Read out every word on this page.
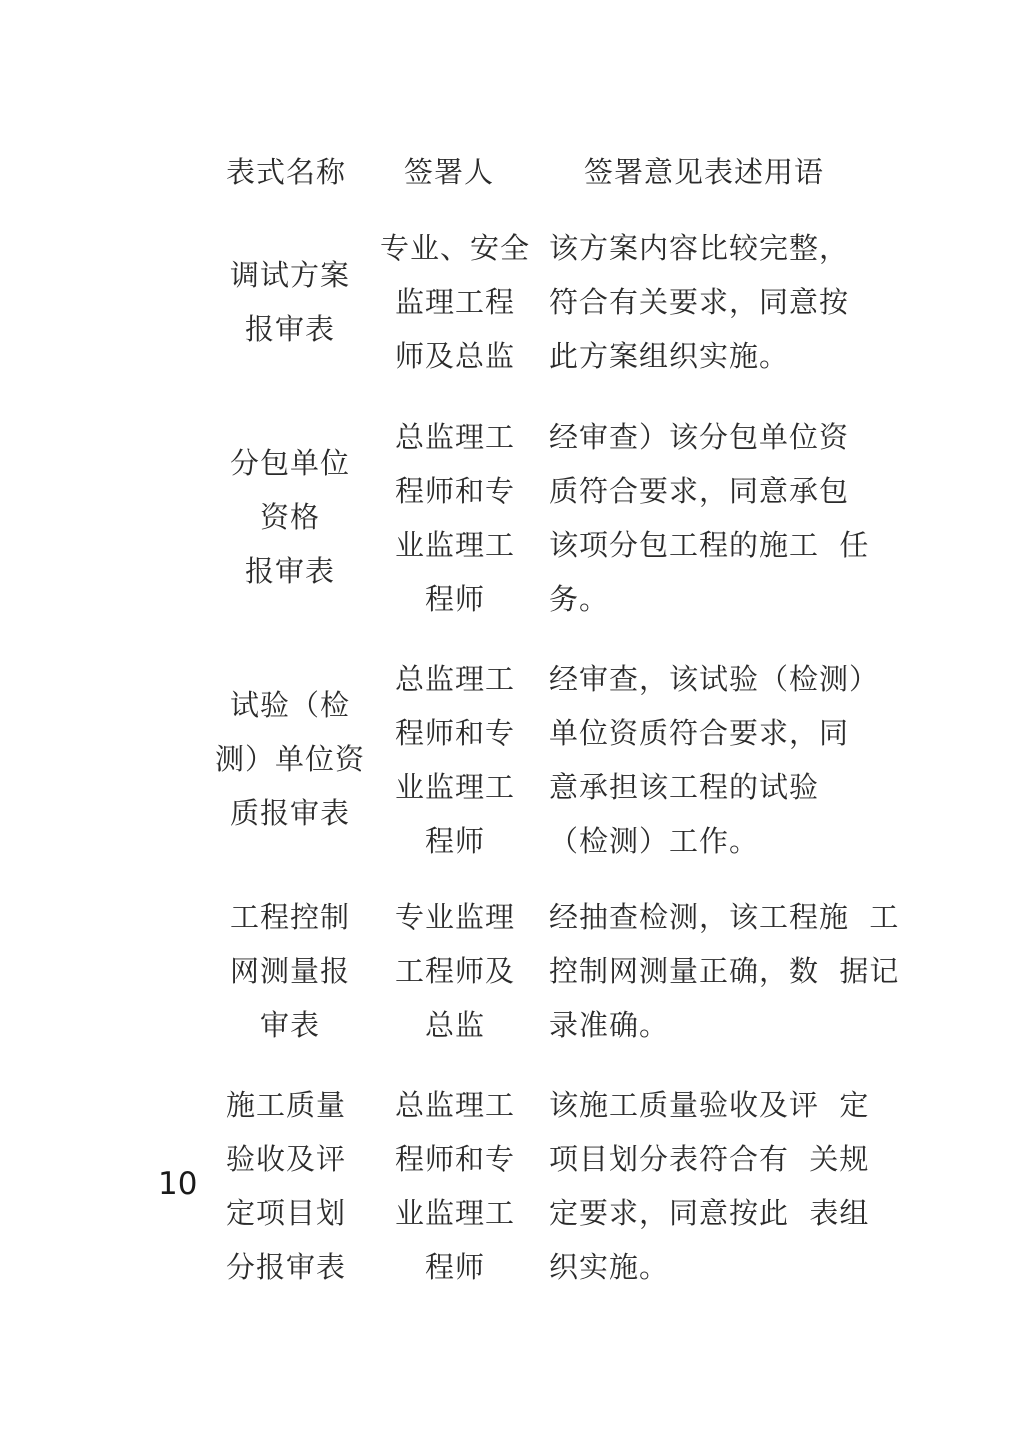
表式名称 签署人	签署意见表述用语
调试方案
报审表
专业、安全
监理工程
师及总监
该方案内容比较完整，
符合有关要求，同意按
此方案组织实施。
分包单位
资格
报审表
总监理工
程师和专
业监理工
程师
经审查）该分包单位资
质符合要求，同意承包
该项分包工程的施工  任
务。
试验（检
测）单位资
质报审表
总监理工
程师和专
业监理工
程师
经审查，该试验（检测）
单位资质符合要求，同
意承担该工程的试验
（检测）工作。
工程控制
网测量报
审表
专业监理
工程师及
总监
经抽查检测，该工程施  工
控制网测量正确，数  据记
录准确。
施工质量
验收及评
定项目划
分报审表
总监理工
程师和专
业监理工
程师
该施工质量验收及评  定
项目划分表符合有  关规
定要求，同意按此  表组
织实施。
10
